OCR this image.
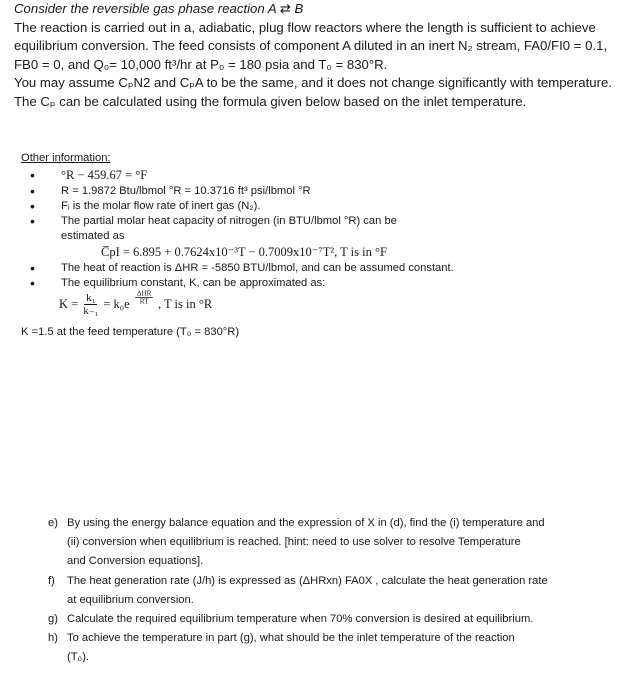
Consider the reversible gas phase reaction A ⇄ B

The reaction is carried out in a, adiabatic, plug flow reactors where the length is sufficient to achieve

equilibrium conversion. The feed consists of component A diluted in an inert N₂ stream, FA0/FI0 = 0.1,

FB0 = 0, and Q₀= 10,000 ft³/hr at P₀ = 180 psia and T₀ = 830°R.

You may assume CₚN2 and CₚA to be the same, and it does not change significantly with temperature.

The Cₚ can be calculated using the formula given below based on the inlet temperature.

Other information:

• °R − 459.67 = °F
• R = 1.9872 Btu/lbmol °R = 10.3716 ft³ psi/lbmol °R
• Fᵢ is the molar flow rate of inert gas (N₂).
• The partial molar heat capacity of nitrogen (in BTU/lbmol °R) can be
estimated as
C̅pI = 6.895 + 0.7624x10⁻³T − 0.7009x10⁻⁷T², T is in °F
• The heat of reaction is ΔHR = -5850 BTU/lbmol, and can be assumed constant.
• The equilibrium constant, K, can be approximated as:
$K = \frac{\text{k₁}}{\text{k₋₁}} = k_0e \frac{\text{ΔHR}}{RT}$ , T is in °R
K =1.5 at the feed temperature (T₀ = 830°R)
e) By using the energy balance equation and the expression of X in (d), find the (i) temperature and
(ii) conversion when equilibrium is reached. [hint: need to use solver to resolve Temperature
and Conversion equations].
f) The heat generation rate (J/h) is expressed as (ΔHRxn) FA0X , calculate the heat generation rate
at equilibrium conversion.
g) Calculate the required equilibrium temperature when 70% conversion is desired at equilibrium.
h) To achieve the temperature in part (g), what should be the inlet temperature of the reaction
(T₀).
